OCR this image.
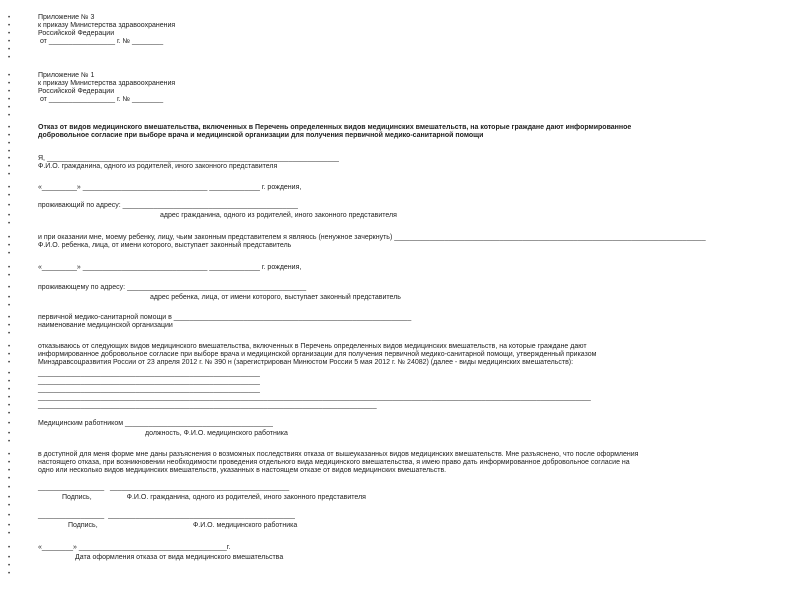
•	Приложение № 3
•	к приказу Министерства здравоохранения
•	Российской Федерации
•	от _________________ г. № ________
•
•
•	Приложение № 1
•	к приказу Министерства здравоохранения
•	Российской Федерации
•	от _________________ г. № ________
•
•
•	Отказ от видов медицинского вмешательства, включенных в Перечень определенных видов медицинских вмешательств, на которые граждане дают информированное
•	добровольное согласие при выборе врача и медицинской организации для получения первичной медико-санитарной помощи
•
•
•	Я, ___________________________________________________________________________
•	Ф.И.О. гражданина, одного из родителей, иного законного представителя
•
•	«_________» ________________________________ _____________ г. рождения,
•
•	проживающий по адресу: _____________________________________________
•	адрес гражданина, одного из родителей, иного законного представителя
•
•	и при оказании мне, моему ребенку, лицу, чьим законным представителем я являюсь (ненужное зачеркнуть) ________________________________________________________________________________
•	Ф.И.О. ребенка, лица, от имени которого, выступает законный представитель
•
•	«_________» ________________________________ _____________ г. рождения,
•
•	проживающему по адресу: ______________________________________________
•	адрес ребенка, лица, от имени которого, выступает законный представитель
•
•	первичной медико-санитарной помощи в _____________________________________________________________
•	наименование медицинской организации
•
•	отказываюсь от следующих видов медицинского вмешательства, включенных в Перечень определенных видов медицинских вмешательств, на которые граждане дают
•	информированное добровольное согласие при выборе врача и медицинской организации для получения первичной медико-санитарной помощи, утвержденный приказом
•	Минздравсоцразвития России от 23 апреля 2012 г. № 390 н (зарегистрирован Минюстом России 5 мая 2012 г. № 24082) (далее - виды медицинских вмешательств):
•	_________________________________________________________
•	_________________________________________________________
•	_________________________________________________________
•	______________________________________________________________________________________________________________________________________________
•	_______________________________________________________________________________________
•
•	Медицинским работником ______________________________________
•	должность, Ф.И.О. медицинского работника
•
•	в доступной для меня форме мне даны разъяснения о возможных последствиях отказа от вышеуказанных видов медицинских вмешательств. Мне разъяснено, что после оформления
•	настоящего отказа, при возникновении необходимости проведения отдельного вида медицинского вмешательства, я имею право дать информированное добровольное согласие на
•	одно или несколько видов медицинских вмешательств, указанных в настоящем отказе от видов медицинских вмешательств.
•
•	_________________   ______________________________________________
•	Подпись,                  Ф.И.О. гражданина, одного из родителей, иного законного представителя
•
•	_________________  ________________________________________________
•	Подпись,                                                 Ф.И.О. медицинского работника
•
•	«________» ______________________________________г.
•	Дата оформления отказа от вида медицинского вмешательства
•
•
